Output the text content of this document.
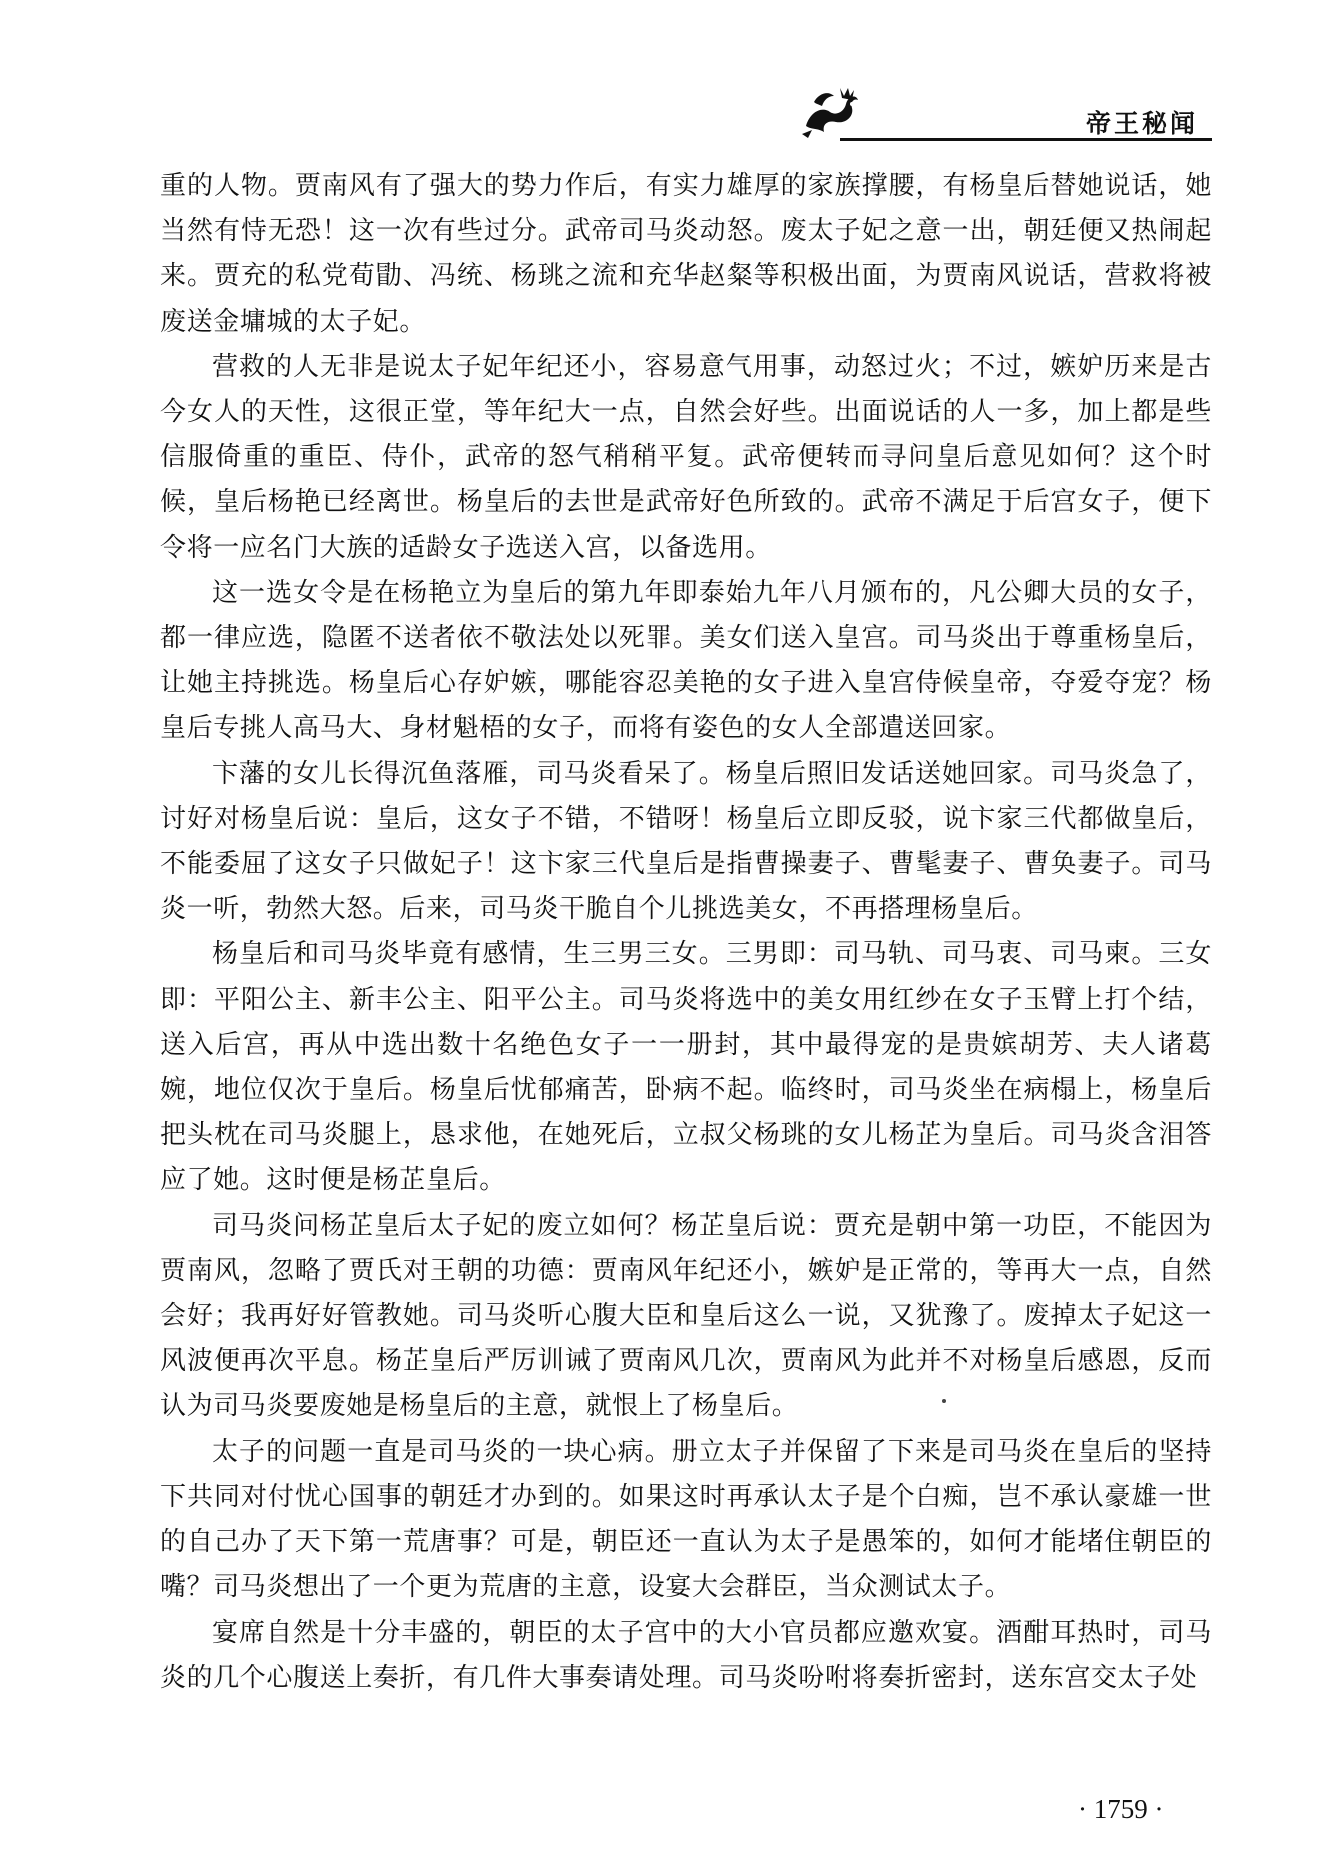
帝王秘闻

重的人物。贾南风有了强大的势力作后，有实力雄厚的家族撑腰，有杨皇后替她说话，她当然有恃无恐！这一次有些过分。武帝司马炎动怒。废太子妃之意一出，朝廷便又热闹起来。贾充的私党荀勖、冯统、杨珧之流和充华赵粲等积极出面，为贾南风说话，营救将被废送金墉城的太子妃。

营救的人无非是说太子妃年纪还小，容易意气用事，动怒过火；不过，嫉妒历来是古今女人的天性，这很正堂，等年纪大一点，自然会好些。出面说话的人一多，加上都是些信服倚重的重臣、侍仆，武帝的怒气稍稍平复。武帝便转而寻问皇后意见如何？这个时候，皇后杨艳已经离世。杨皇后的去世是武帝好色所致的。武帝不满足于后宫女子，便下令将一应名门大族的适龄女子选送入宫，以备选用。

这一选女令是在杨艳立为皇后的第九年即泰始九年八月颁布的，凡公卿大员的女子，都一律应选，隐匿不送者依不敬法处以死罪。美女们送入皇宫。司马炎出于尊重杨皇后，让她主持挑选。杨皇后心存妒嫉，哪能容忍美艳的女子进入皇宫侍候皇帝，夺爱夺宠？杨皇后专挑人高马大、身材魁梧的女子，而将有姿色的女人全部遣送回家。

卞藩的女儿长得沉鱼落雁，司马炎看呆了。杨皇后照旧发话送她回家。司马炎急了，讨好对杨皇后说：皇后，这女子不错，不错呀！杨皇后立即反驳，说卞家三代都做皇后，不能委屈了这女子只做妃子！这卞家三代皇后是指曹操妻子、曹髦妻子、曹奂妻子。司马炎一听，勃然大怒。后来，司马炎干脆自个儿挑选美女，不再搭理杨皇后。

杨皇后和司马炎毕竟有感情，生三男三女。三男即：司马轨、司马衷、司马柬。三女即：平阳公主、新丰公主、阳平公主。司马炎将选中的美女用红纱在女子玉臂上打个结，送入后宫，再从中选出数十名绝色女子一一册封，其中最得宠的是贵嫔胡芳、夫人诸葛婉，地位仅次于皇后。杨皇后忧郁痛苦，卧病不起。临终时，司马炎坐在病榻上，杨皇后把头枕在司马炎腿上，恳求他，在她死后，立叔父杨珧的女儿杨芷为皇后。司马炎含泪答应了她。这时便是杨芷皇后。

司马炎问杨芷皇后太子妃的废立如何？杨芷皇后说：贾充是朝中第一功臣，不能因为贾南风，忽略了贾氏对王朝的功德：贾南风年纪还小，嫉妒是正常的，等再大一点，自然会好；我再好好管教她。司马炎听心腹大臣和皇后这么一说，又犹豫了。废掉太子妃这一风波便再次平息。杨芷皇后严厉训诫了贾南风几次，贾南风为此并不对杨皇后感恩，反而认为司马炎要废她是杨皇后的主意，就恨上了杨皇后。

太子的问题一直是司马炎的一块心病。册立太子并保留了下来是司马炎在皇后的坚持下共同对付忧心国事的朝廷才办到的。如果这时再承认太子是个白痴，岂不承认豪雄一世的自己办了天下第一荒唐事？可是，朝臣还一直认为太子是愚笨的，如何才能堵住朝臣的嘴？司马炎想出了一个更为荒唐的主意，设宴大会群臣，当众测试太子。

宴席自然是十分丰盛的，朝臣的太子宫中的大小官员都应邀欢宴。酒酣耳热时，司马炎的几个心腹送上奏折，有几件大事奏请处理。司马炎吩咐将奏折密封，送东宫交太子处

· 1759 ·
